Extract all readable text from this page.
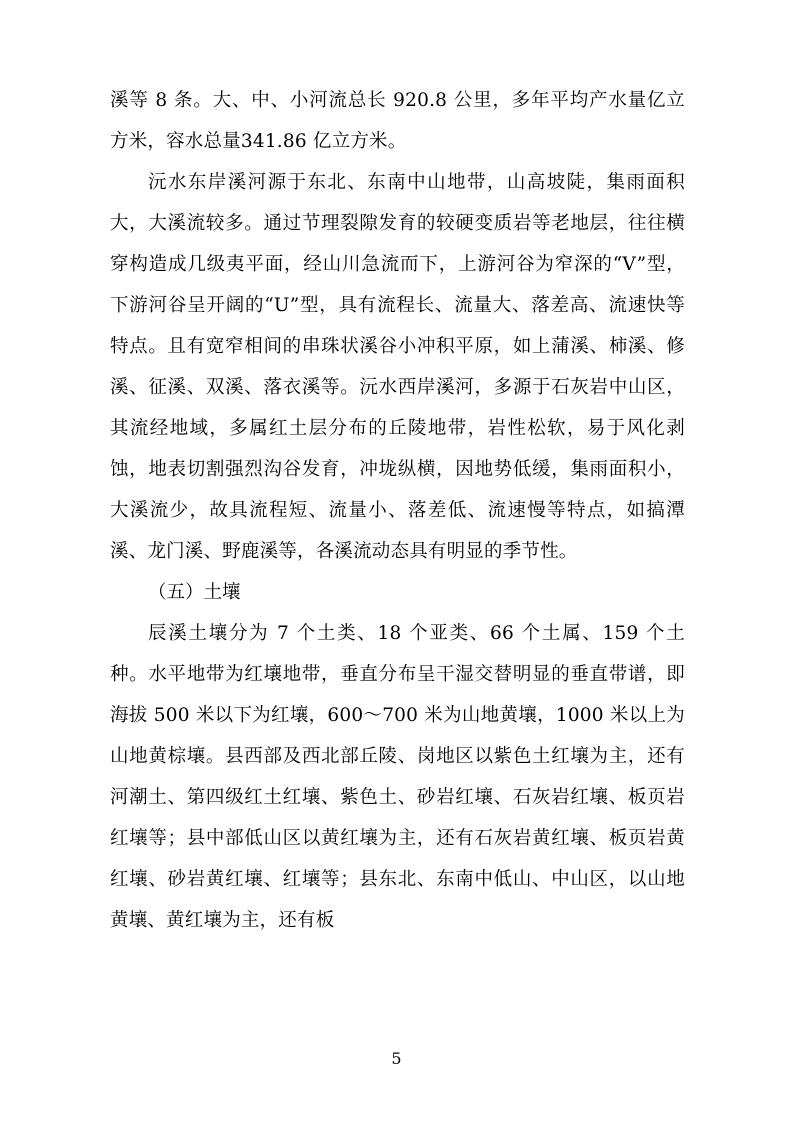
溪等 8 条。大、中、小河流总长 920.8 公里，多年平均产水量亿立方米，容水总量341.86 亿立方米。

沅水东岸溪河源于东北、东南中山地带，山高坡陡，集雨面积大，大溪流较多。通过节理裂隙发育的较硬变质岩等老地层，往往横穿构造成几级夷平面，经山川急流而下，上游河谷为窄深的“V”型，下游河谷呈开阔的“U”型，具有流程长、流量大、落差高、流速快等特点。且有宽窄相间的串珠状溪谷小冲积平原，如上蒲溪、柿溪、修溪、征溪、双溪、落衣溪等。沅水西岸溪河，多源于石灰岩中山区，其流经地域，多属红土层分布的丘陵地带，岩性松软，易于风化剥蚀，地表切割强烈沟谷发育，冲垅纵横，因地势低缓，集雨面积小，大溪流少，故具流程短、流量小、落差低、流速慢等特点，如搞潭溪、龙门溪、野鹿溪等，各溪流动态具有明显的季节性。

（五）土壤

辰溪土壤分为 7 个土类、18 个亚类、66 个土属、159 个土种。水平地带为红壤地带，垂直分布呈干湿交替明显的垂直带谱，即海拔 500 米以下为红壤，600～700 米为山地黄壤，1000 米以上为山地黄棕壤。县西部及西北部丘陵、岗地区以紫色土红壤为主，还有河潮土、第四级红土红壤、紫色土、砂岩红壤、石灰岩红壤、板页岩红壤等；县中部低山区以黄红壤为主，还有石灰岩黄红壤、板页岩黄红壤、砂岩黄红壤、红壤等；县东北、东南中低山、中山区，以山地黄壤、黄红壤为主，还有板

5
